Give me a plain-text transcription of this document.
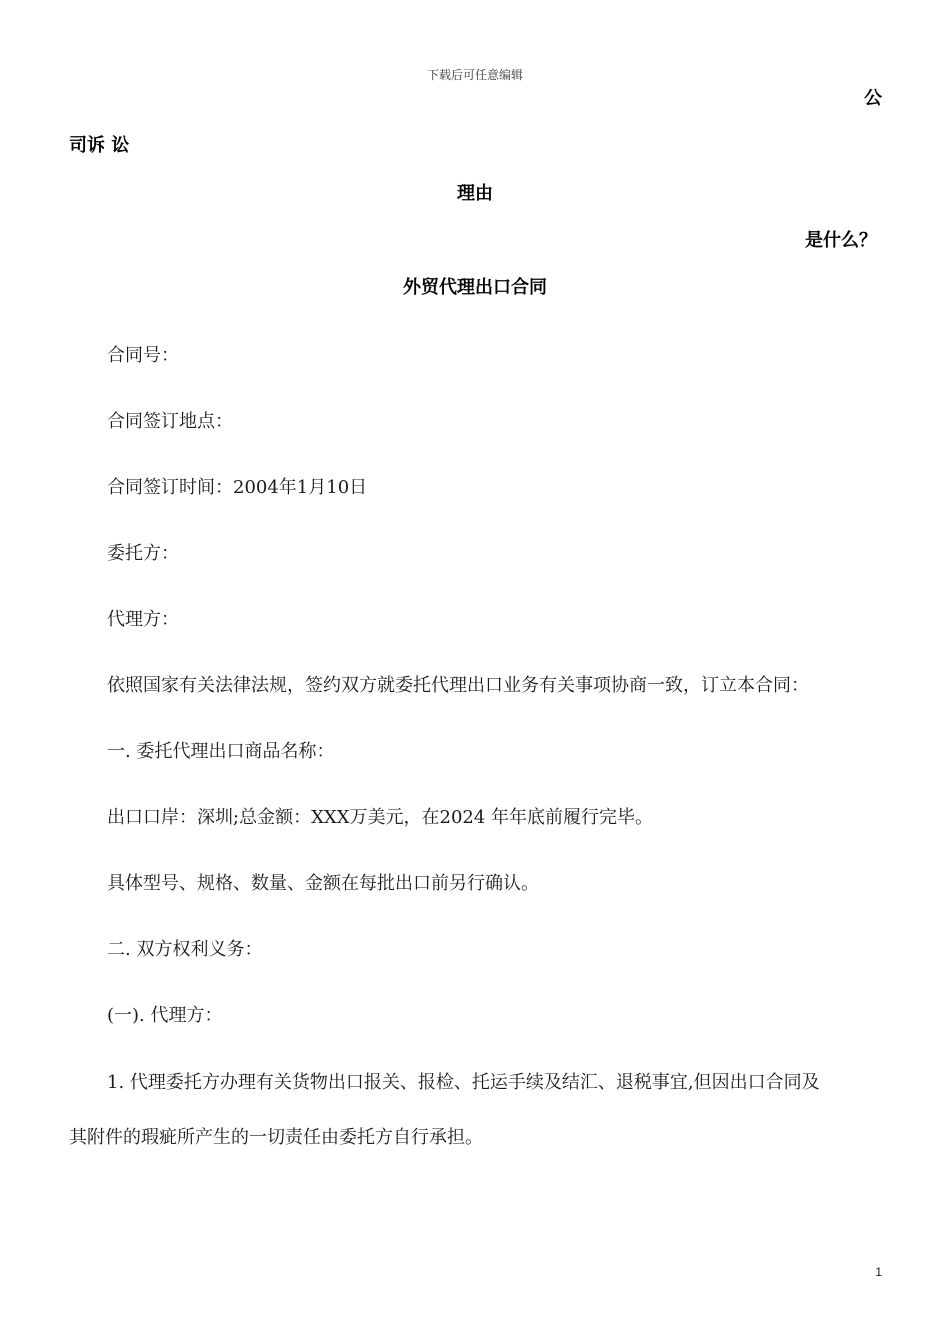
下载后可任意编辑
公
司诉 讼
理由
是什么？
外贸代理出口合同
合同号：
合同签订地点：
合同签订时间：2004年1月10日
委托方：
代理方：
依照国家有关法律法规，签约双方就委托代理出口业务有关事项协商一致，订立本合同：
一. 委托代理出口商品名称：
出口口岸：深圳;总金额：XXX万美元，在2024 年年底前履行完毕。
具体型号、规格、数量、金额在每批出口前另行确认。
二. 双方权利义务：
(一). 代理方：
1. 代理委托方办理有关货物出口报关、报检、托运手续及结汇、退税事宜,但因出口合同及
其附件的瑕疵所产生的一切责任由委托方自行承担。
1
